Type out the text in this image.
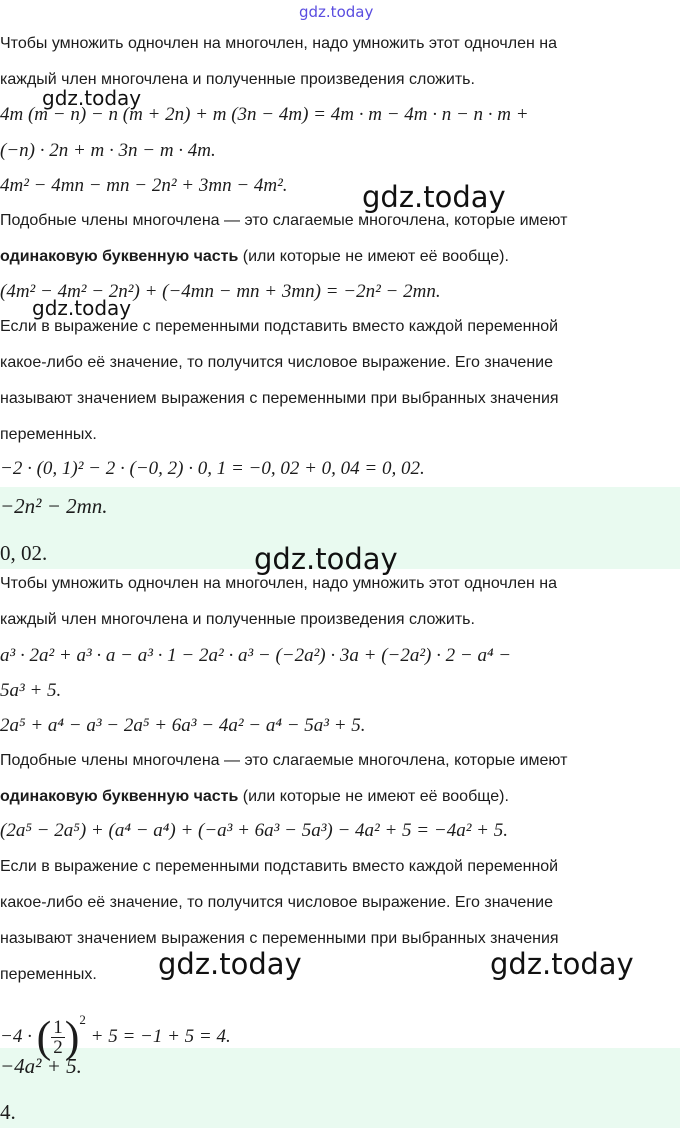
gdz.today
Чтобы умножить одночлен на многочлен, надо умножить этот одночлен на
каждый член многочлена и полученные произведения сложить.
4m (m − n) − n (m + 2n) + m (3n − 4m) = 4m · m − 4m · n − n · m +
(−n) · 2n + m · 3n − m · 4m.
4m² − 4mn − mn − 2n² + 3mn − 4m².
Подобные члены многочлена — это слагаемые многочлена, которые имеют
одинаковую буквенную часть (или которые не имеют её вообще).
(4m² − 4m² − 2n²) + (−4mn − mn + 3mn) = −2n² − 2mn.
Если в выражение с переменными подставить вместо каждой переменной
какое-либо её значение, то получится числовое выражение. Его значение
называют значением выражения с переменными при выбранных значения
переменных.
−2 · (0, 1)² − 2 · (−0, 2) · 0, 1 = −0, 02 + 0, 04 = 0, 02.
−2n² − 2mn.
0, 02.
Чтобы умножить одночлен на многочлен, надо умножить этот одночлен на
каждый член многочлена и полученные произведения сложить.
a³ · 2a² + a³ · a − a³ · 1 − 2a² · a³ − (−2a²) · 3a + (−2a²) · 2 − a⁴ −
5a³ + 5.
2a⁵ + a⁴ − a³ − 2a⁵ + 6a³ − 4a² − a⁴ − 5a³ + 5.
Подобные члены многочлена — это слагаемые многочлена, которые имеют
одинаковую буквенную часть (или которые не имеют её вообще).
(2a⁵ − 2a⁵) + (a⁴ − a⁴) + (−a³ + 6a³ − 5a³) − 4a² + 5 = −4a² + 5.
Если в выражение с переменными подставить вместо каждой переменной
какое-либо её значение, то получится числовое выражение. Его значение
называют значением выражения с переменными при выбранных значения
переменных.
−4 · ( $\frac{1}{2} )^2 + 5 = -1 + 5 = 4$.
−4a² + 5.
4.
gdz.today
gdz.today
gdz.today
gdz.today
gdz.today	gdz.today
